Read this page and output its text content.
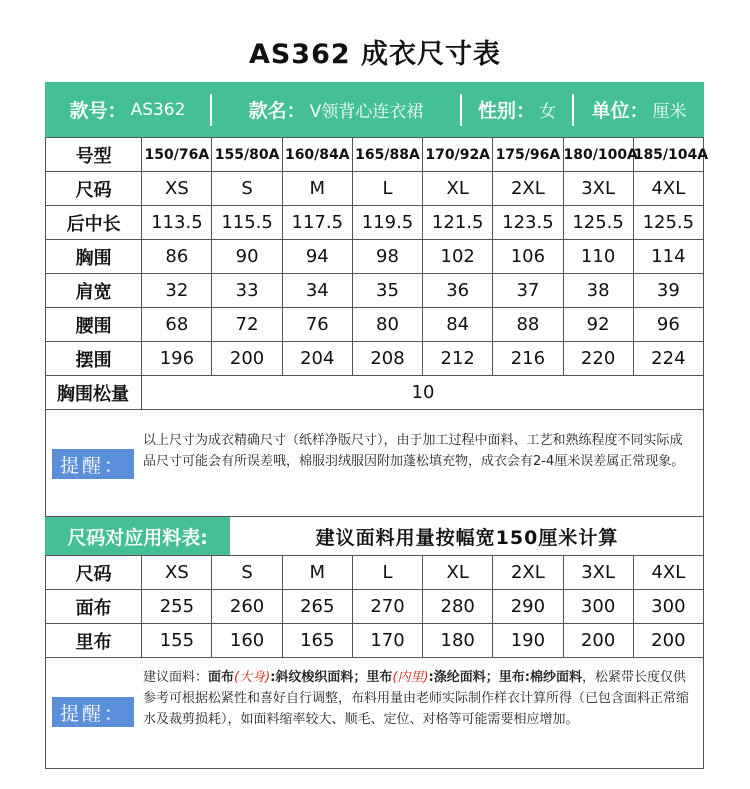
AS362 成衣尺寸表
款号： AS362	款名： V领背心连衣裙	性别： 女 单位： 厘米
号型	150/76A	155/80A	160/84A	165/88A	170/92A	175/96A	180/100A	185/104A
尺码	XS	S	M	L	XL	2XL	3XL	4XL
后中长	113.5	115.5	117.5	119.5	121.5	123.5	125.5	125.5
胸围	86	90	94	98	102	106	110	114
肩宽	32	33	34	35	36	37	38	39
腰围	68	72	76	80	84	88	92	96
摆围	196	200	204	208	212	216	220	224
胸围松量	10
提醒：
以上尺寸为成衣精确尺寸（纸样净版尺寸），由于加工过程中面料、工艺和熟练程度不同实际成品尺寸可能会有所误差哦，棉服羽绒服因附加蓬松填充物，成衣会有2-4厘米误差属正常现象。
尺码对应用料表:	建议面料用量按幅宽150厘米计算
尺码	XS	S	M	L	XL	2XL	3XL	4XL
面布	255	260	265	270	280	290	300	300
里布	155	160	165	170	180	190	200	200
提醒：
建议面料：面布(大身):斜纹梭织面料；里布(内里):涤纶面料；里布:棉纱面料，松紧带长度仅供参考可根据松紧性和喜好自行调整，布料用量由老师实际制作样衣计算所得（已包含面料正常缩水及裁剪损耗），如面料缩率较大、顺毛、定位、对格等可能需要相应增加。
